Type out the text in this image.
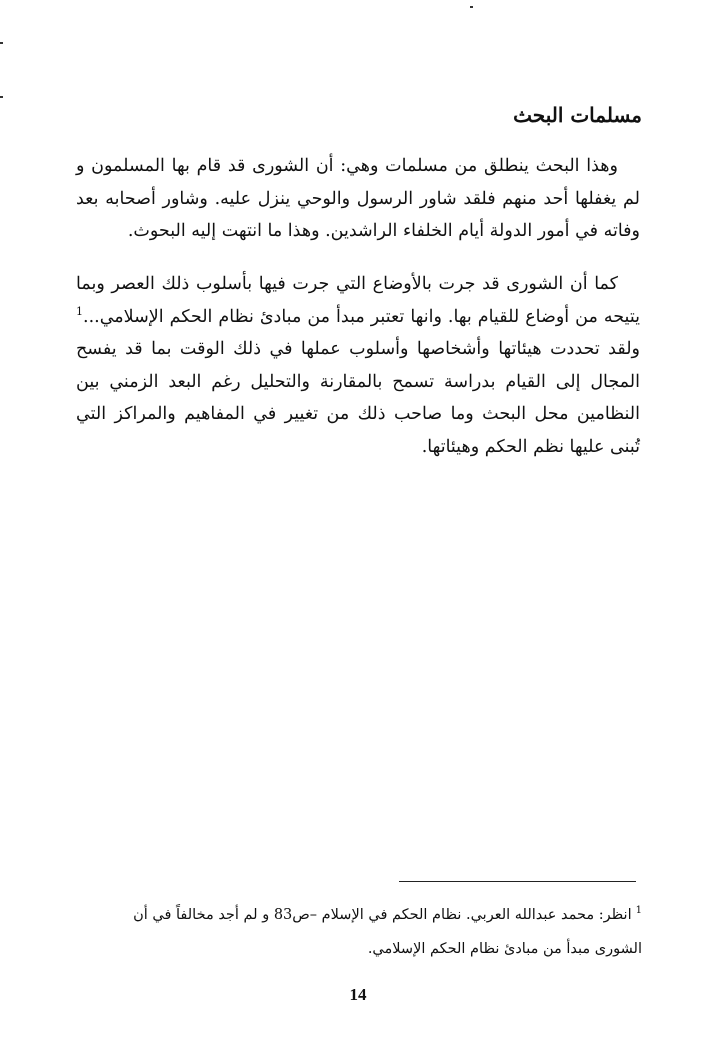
مسلمات البحث

وهذا البحث ينطلق من مسلمات وهي: أن الشورى قد قام بها المسلمون و لم يغفلها أحد منهم فلقد شاور الرسول والوحي ينزل عليه. وشاور أصحابه بعد وفاته في أمور الدولة أيام الخلفاء الراشدين. وهذا ما انتهت إليه البحوث.

كما أن الشورى قد جرت بالأوضاع التي جرت فيها بأسلوب ذلك العصر وبما يتيحه من أوضاع للقيام بها. وانها تعتبر مبدأ من مبادئ نظام الحكم الإسلامي...$^1$ ولقد تحددت هيئاتها وأشخاصها وأسلوب عملها في ذلك الوقت بما قد يفسح المجال إلى القيام بدراسة تسمح بالمقارنة والتحليل رغم البعد الزمني بين النظامين محل البحث وما صاحب ذلك من تغيير في المفاهيم والمراكز التي تُبنى عليها نظم الحكم وهيئاتها.

$^1$انظر: محمد عبدالله العربي. نظام الحكم في الإسلام –ص83 و لم أجد مخالفاً في أن الشورى مبدأ من مبادئ نظام الحكم الإسلامي.

14
